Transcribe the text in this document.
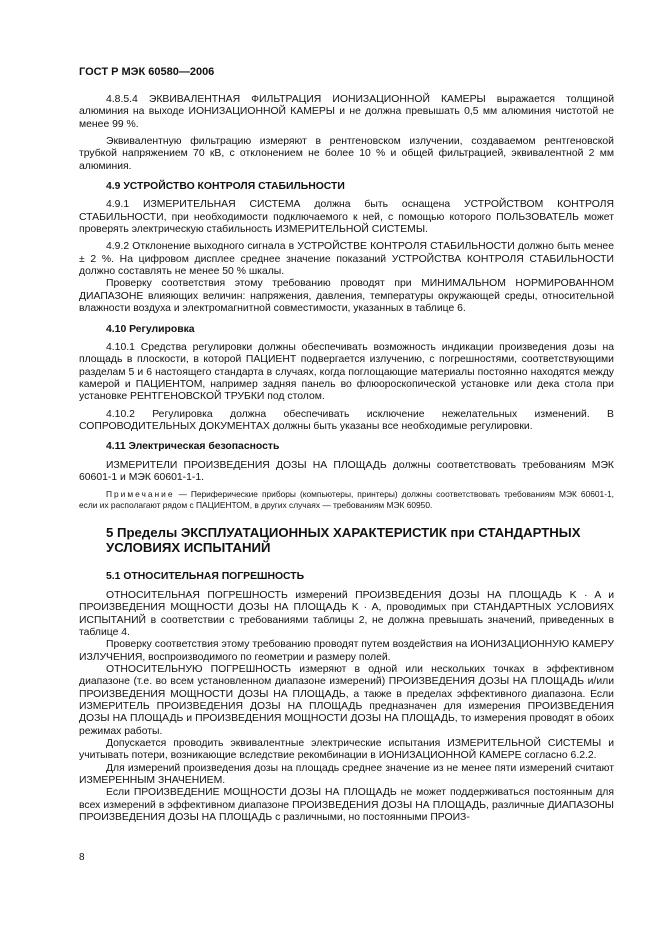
ГОСТ Р МЭК 60580—2006

4.8.5.4 ЭКВИВАЛЕНТНАЯ ФИЛЬТРАЦИЯ ИОНИЗАЦИОННОЙ КАМЕРЫ выражается толщиной алюминия на выходе ИОНИЗАЦИОННОЙ КАМЕРЫ и не должна превышать 0,5 мм алюминия чистотой не менее 99 %.

Эквивалентную фильтрацию измеряют в рентгеновском излучении, создаваемом рентгеновской трубкой напряжением 70 кВ, с отклонением не более 10 % и общей фильтрацией, эквивалентной 2 мм алюминия.

4.9 УСТРОЙСТВО КОНТРОЛЯ СТАБИЛЬНОСТИ

4.9.1 ИЗМЕРИТЕЛЬНАЯ СИСТЕМА должна быть оснащена УСТРОЙСТВОМ КОНТРОЛЯ СТАБИЛЬНОСТИ, при необходимости подключаемого к ней, с помощью которого ПОЛЬЗОВАТЕЛЬ может проверять электрическую стабильность ИЗМЕРИТЕЛЬНОЙ СИСТЕМЫ.

4.9.2 Отклонение выходного сигнала в УСТРОЙСТВЕ КОНТРОЛЯ СТАБИЛЬНОСТИ должно быть менее ± 2 %. На цифровом дисплее среднее значение показаний УСТРОЙСТВА КОНТРОЛЯ СТАБИЛЬНОСТИ должно составлять не менее 50 % шкалы.

Проверку соответствия этому требованию проводят при МИНИМАЛЬНОМ НОРМИРОВАННОМ ДИАПАЗОНЕ влияющих величин: напряжения, давления, температуры окружающей среды, относительной влажности воздуха и электромагнитной совместимости, указанных в таблице 6.

4.10 Регулировка

4.10.1 Средства регулировки должны обеспечивать возможность индикации произведения дозы на площадь в плоскости, в которой ПАЦИЕНТ подвергается излучению, с погрешностями, соответствующими разделам 5 и 6 настоящего стандарта в случаях, когда поглощающие материалы постоянно находятся между камерой и ПАЦИЕНТОМ, например задняя панель во флюороскопической установке или дека стола при установке РЕНТГЕНОВСКОЙ ТРУБКИ под столом.

4.10.2 Регулировка должна обеспечивать исключение нежелательных изменений. В СОПРОВОДИТЕЛЬНЫХ ДОКУМЕНТАХ должны быть указаны все необходимые регулировки.

4.11 Электрическая безопасность

ИЗМЕРИТЕЛИ ПРОИЗВЕДЕНИЯ ДОЗЫ НА ПЛОЩАДЬ должны соответствовать требованиям МЭК 60601-1 и МЭК 60601-1-1.

Примечание — Периферические приборы (компьютеры, принтеры) должны соответствовать требованиям МЭК 60601-1, если их располагают рядом с ПАЦИЕНТОМ, в других случаях — требованиям МЭК 60950.

5 Пределы ЭКСПЛУАТАЦИОННЫХ ХАРАКТЕРИСТИК при СТАНДАРТНЫХ УСЛОВИЯХ ИСПЫТАНИЙ
5.1 ОТНОСИТЕЛЬНАЯ ПОГРЕШНОСТЬ

ОТНОСИТЕЛЬНАЯ ПОГРЕШНОСТЬ измерений ПРОИЗВЕДЕНИЯ ДОЗЫ НА ПЛОЩАДЬ K · A и ПРОИЗВЕДЕНИЯ МОЩНОСТИ ДОЗЫ НА ПЛОЩАДЬ K · A, проводимых при СТАНДАРТНЫХ УСЛОВИЯХ ИСПЫТАНИЙ в соответствии с требованиями таблицы 2, не должна превышать значений, приведенных в таблице 4.

Проверку соответствия этому требованию проводят путем воздействия на ИОНИЗАЦИОННУЮ КАМЕРУ ИЗЛУЧЕНИЯ, воспроизводимого по геометрии и размеру полей.

ОТНОСИТЕЛЬНУЮ ПОГРЕШНОСТЬ измеряют в одной или нескольких точках в эффективном диапазоне (т.е. во всем установленном диапазоне измерений) ПРОИЗВЕДЕНИЯ ДОЗЫ НА ПЛОЩАДЬ и/или ПРОИЗВЕДЕНИЯ МОЩНОСТИ ДОЗЫ НА ПЛОЩАДЬ, а также в пределах эффективного диапазона. Если ИЗМЕРИТЕЛЬ ПРОИЗВЕДЕНИЯ ДОЗЫ НА ПЛОЩАДЬ предназначен для измерения ПРОИЗВЕДЕНИЯ ДОЗЫ НА ПЛОЩАДЬ и ПРОИЗВЕДЕНИЯ МОЩНОСТИ ДОЗЫ НА ПЛОЩАДЬ, то измерения проводят в обоих режимах работы.

Допускается проводить эквивалентные электрические испытания ИЗМЕРИТЕЛЬНОЙ СИСТЕМЫ и учитывать потери, возникающие вследствие рекомбинации в ИОНИЗАЦИОННОЙ КАМЕРЕ согласно 6.2.2.

Для измерений произведения дозы на площадь среднее значение из не менее пяти измерений считают ИЗМЕРЕННЫМ ЗНАЧЕНИЕМ.

Если ПРОИЗВЕДЕНИЕ МОЩНОСТИ ДОЗЫ НА ПЛОЩАДЬ не может поддерживаться постоянным для всех измерений в эффективном диапазоне ПРОИЗВЕДЕНИЯ ДОЗЫ НА ПЛОЩАДЬ, различные ДИАПАЗОНЫ ПРОИЗВЕДЕНИЯ ДОЗЫ НА ПЛОЩАДЬ с различными, но постоянными ПРОИЗ-

8
